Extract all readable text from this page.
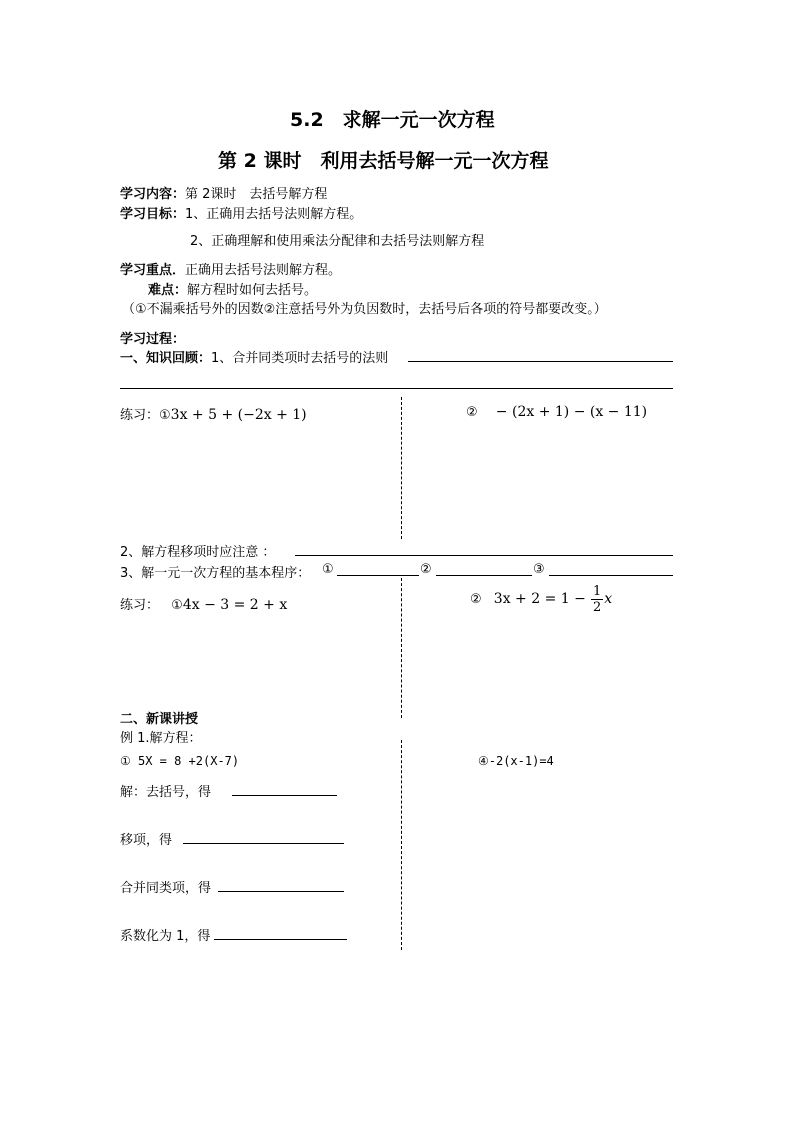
5.2　求解一元一次方程
第 2 课时　利用去括号解一元一次方程
学习内容：第 2课时　去括号解方程
学习目标：1、正确用去括号法则解方程。
2、正确理解和使用乘法分配律和去括号法则解方程
学习重点．正确用去括号法则解方程。
难点：解方程时如何去括号。
（①不漏乘括号外的因数②注意括号外为负因数时，去括号后各项的符号都要改变。）
学习过程：
一、知识回顾：1、合并同类项时去括号的法则
练习：①3x + 5 + (−2x + 1)	② − (2x + 1) − (x − 11)
2、解方程移项时应注意 ：
3、解一元一次方程的基本程序： ①	②	③
练习： ①4x − 3 = 2 + x	② $3x + 2 = 1 - \frac{1}{2}$ x
二、新课讲授
例 1.解方程：
① 5X = 8 +2(X-7)	④-2(x-1)=4
解：去括号，得
移项，得
合并同类项，得
系数化为 1，得
